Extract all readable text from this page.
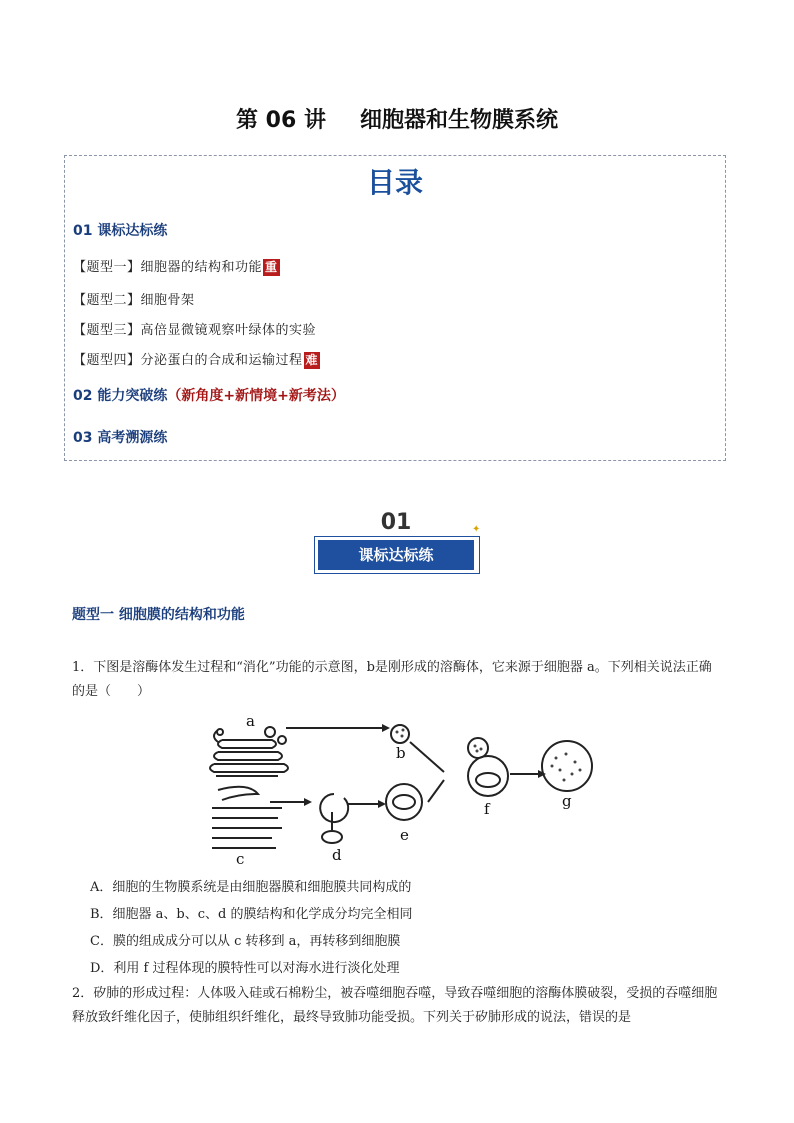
第 06 讲 细胞器和生物膜系统
目录
01 课标达标练
【题型一】细胞器的结构和功能 重
【题型二】细胞骨架
【题型三】高倍显微镜观察叶绿体的实验
【题型四】分泌蛋白的合成和运输过程 难
02 能力突破练（新角度+新情境+新考法）
03 高考溯源练
01
课标达标练
✦
题型一 细胞膜的结构和功能
1．下图是溶酶体发生过程和“消化”功能的示意图，b是刚形成的溶酶体，它来源于细胞器 a。下列相关说法正确的是（　　）
a
b
c	d
e
f	g
A．细胞的生物膜系统是由细胞器膜和细胞膜共同构成的
B．细胞器 a、b、c、d 的膜结构和化学成分均完全相同
C．膜的组成成分可以从 c 转移到 a，再转移到细胞膜
D．利用 f 过程体现的膜特性可以对海水进行淡化处理
2．矽肺的形成过程：人体吸入硅或石棉粉尘，被吞噬细胞吞噬，导致吞噬细胞的溶酶体膜破裂，受损的吞噬细胞释放致纤维化因子，使肺组织纤维化，最终导致肺功能受损。下列关于矽肺形成的说法，错误的是
